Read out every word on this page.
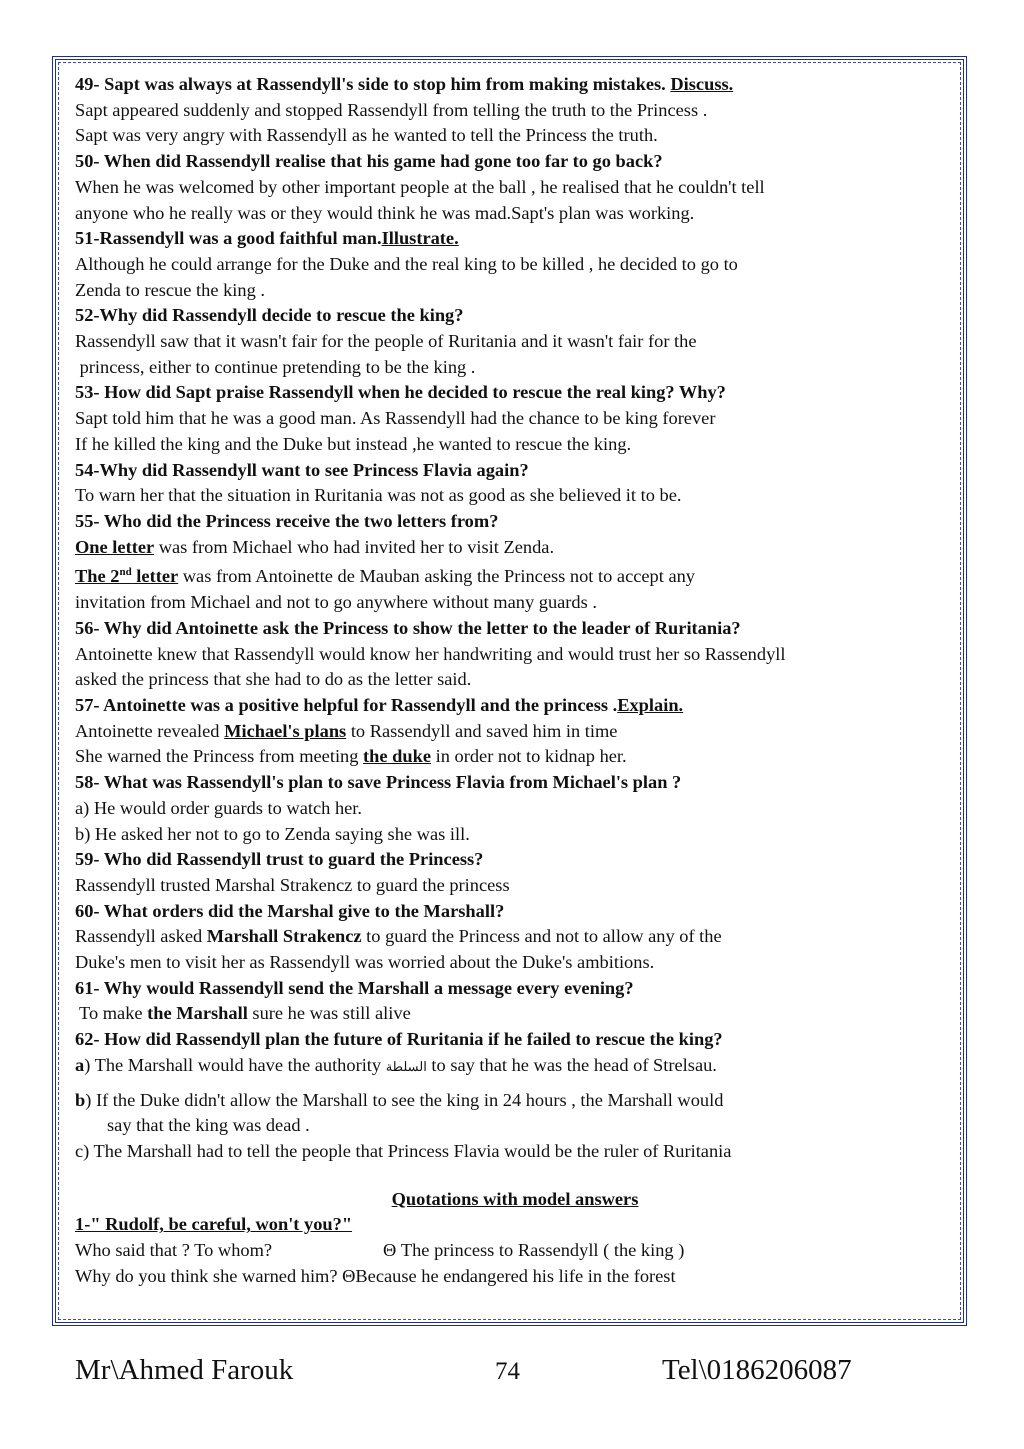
49- Sapt was always at Rassendyll's side to stop him from making mistakes. Discuss.
Sapt appeared suddenly and stopped Rassendyll from telling the truth to the Princess .
Sapt was very angry with Rassendyll as he wanted to tell the Princess the truth.
50- When did Rassendyll realise that his game had gone too far to go back?
When he was welcomed by other important people at the ball , he realised that he couldn't tell
anyone who he really was or they would think he was mad.Sapt's plan was working.
51-Rassendyll was a good faithful man.Illustrate.
Although he could arrange for the Duke and the real king to be killed , he decided to go to
Zenda to rescue the king .
52-Why did Rassendyll decide to rescue the king?
Rassendyll saw that it wasn't fair for the people of Ruritania and it wasn't fair for the
princess, either to continue pretending to be the king .
53- How did Sapt praise Rassendyll when he decided to rescue the real king? Why?
Sapt told him that he was a good man. As Rassendyll had the chance to be king forever
If he killed the king and the Duke but instead ,he wanted to rescue the king.
54-Why did Rassendyll want to see Princess Flavia again?
To warn her that the situation in Ruritania was not as good as she believed it to be.
55- Who did the Princess receive the two letters from?
One letter was from Michael who had invited her to visit Zenda.
The 2nd letter was from Antoinette de Mauban asking the Princess not to accept any
invitation from Michael and not to go anywhere without many guards .
56- Why did Antoinette ask the Princess to show the letter to the leader of Ruritania?
Antoinette knew that Rassendyll would know her handwriting and would trust her so Rassendyll
asked the princess that she had to do as the letter said.
57- Antoinette was a positive helpful for Rassendyll and the princess .Explain.
Antoinette revealed Michael's plans to Rassendyll and saved him in time
She warned the Princess from meeting the duke in order not to kidnap her.
58- What was Rassendyll's plan to save Princess Flavia from Michael's plan ?
a) He would order guards to watch her.
b) He asked her not to go to Zenda saying she was ill.
59- Who did Rassendyll trust to guard the Princess?
Rassendyll trusted Marshal Strakencz to guard the princess
60- What orders did the Marshal give to the Marshall?
Rassendyll asked Marshall Strakencz to guard the Princess and not to allow any of the
Duke's men to visit her as Rassendyll was worried about the Duke's ambitions.
61- Why would Rassendyll send the Marshall a message every evening?
To make the Marshall sure he was still alive
62- How did Rassendyll plan the future of Ruritania if he failed to rescue the king?
a) The Marshall would have the authority السلطة to say that he was the head of Strelsau.
b) If the Duke didn't allow the Marshall to see the king in 24 hours , the Marshall would
say that the king was dead .
c) The Marshall had to tell the people that Princess Flavia would be the ruler of Ruritania
Quotations with model answers
1-" Rudolf, be careful, won't you?"
Who said that ? To whom?	Θ The princess to Rassendyll ( the king )
Why do you think she warned him? ΘBecause he endangered his life in the forest
Mr\Ahmed Farouk	74	Tel\0186206087
